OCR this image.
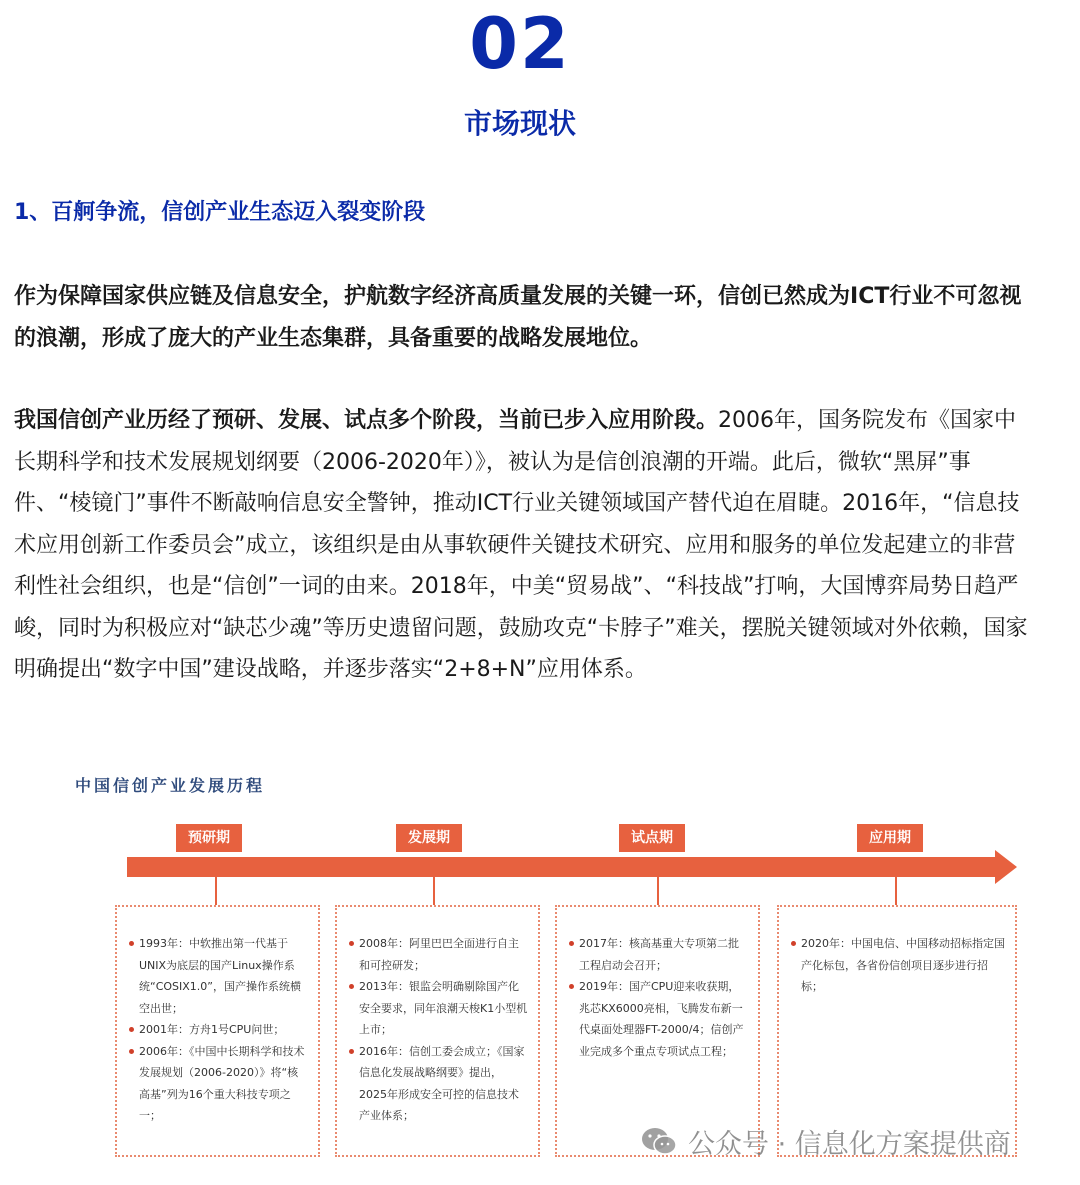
02
市场现状
1、百舸争流，信创产业生态迈入裂变阶段

作为保障国家供应链及信息安全，护航数字经济高质量发展的关键一环，信创已然成为ICT行业不可忽视的浪潮，形成了庞大的产业生态集群，具备重要的战略发展地位。

我国信创产业历经了预研、发展、试点多个阶段，当前已步入应用阶段。2006年，国务院发布《国家中长期科学和技术发展规划纲要（2006-2020年）》，被认为是信创浪潮的开端。此后，微软“黑屏”事件、“棱镜门”事件不断敲响信息安全警钟，推动ICT行业关键领域国产替代迫在眉睫。2016年，“信息技术应用创新工作委员会”成立，该组织是由从事软硬件关键技术研究、应用和服务的单位发起建立的非营利性社会组织，也是“信创”一词的由来。2018年，中美“贸易战”、“科技战”打响，大国博弈局势日趋严峻，同时为积极应对“缺芯少魂”等历史遗留问题，鼓励攻克“卡脖子”难关，摆脱关键领域对外依赖，国家明确提出“数字中国”建设战略，并逐步落实“2+8+N”应用体系。

中国信创产业发展历程
预研期	发展期	试点期	应用期
1993年：中软推出第一代基于UNIX为底层的国产Linux操作系统“COSIX1.0”，国产操作系统横空出世；
2001年：方舟1号CPU问世；
2006年：《中国中长期科学和技术发展规划（2006-2020）》将“核高基”列为16个重大科技专项之一；
2008年：阿里巴巴全面进行自主和可控研发；
2013年：银监会明确剔除国产化安全要求，同年浪潮天梭K1小型机上市；
2016年：信创工委会成立；《国家信息化发展战略纲要》提出，2025年形成安全可控的信息技术产业体系；
2017年：核高基重大专项第二批工程启动会召开；
2019年：国产CPU迎来收获期，兆芯KX6000亮相，飞腾发布新一代桌面处理器FT-2000/4；信创产业完成多个重点专项试点工程；
2020年：中国电信、中国移动招标指定国产化标包，各省份信创项目逐步进行招标；
公众号 · 信息化方案提供商
